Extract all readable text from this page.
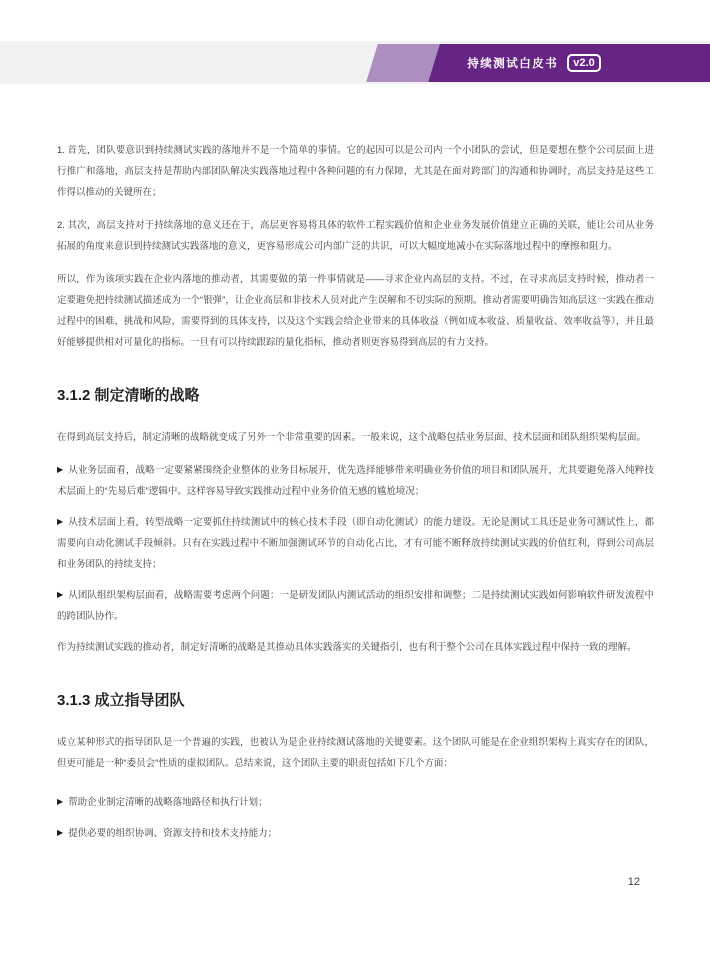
持续测试白皮书	v2.0

1. 首先，团队要意识到持续测试实践的落地并不是一个简单的事情。它的起因可以是公司内一个小团队的尝试，但是要想在整个公司层面上进行推广和落地，高层支持是帮助内部团队解决实践落地过程中各种问题的有力保障，尤其是在面对跨部门的沟通和协调时，高层支持是这些工作得以推动的关键所在；

2. 其次，高层支持对于持续落地的意义还在于，高层更容易将具体的软件工程实践价值和企业业务发展价值建立正确的关联，能让公司从业务拓展的角度来意识到持续测试实践落地的意义，更容易形成公司内部广泛的共识，可以大幅度地减小在实际落地过程中的摩擦和阻力。

所以，作为该项实践在企业内落地的推动者，其需要做的第一件事情就是——寻求企业内高层的支持。不过，在寻求高层支持时候，推动者一定要避免把持续测试描述成为一个“银弹”，让企业高层和非技术人员对此产生误解和不切实际的预期。推动者需要明确告知高层这一实践在推动过程中的困难、挑战和风险，需要得到的具体支持，以及这个实践会给企业带来的具体收益（例如成本收益、质量收益、效率收益等），并且最好能够提供相对可量化的指标。一旦有可以持续跟踪的量化指标，推动者则更容易得到高层的有力支持。

3.1.2 制定清晰的战略

在得到高层支持后，制定清晰的战略就变成了另外一个非常重要的因素。一般来说，这个战略包括业务层面、技术层面和团队组织架构层面。

▶ 从业务层面看，战略一定要紧紧围绕企业整体的业务目标展开，优先选择能够带来明确业务价值的项目和团队展开，尤其要避免落入纯粹技术层面上的“先易后难”逻辑中。这样容易导致实践推动过程中业务价值无感的尴尬境况；

▶ 从技术层面上看，转型战略一定要抓住持续测试中的核心技术手段（即自动化测试）的能力建设。无论是测试工具还是业务可测试性上，都需要向自动化测试手段倾斜。只有在实践过程中不断加强测试环节的自动化占比，才有可能不断释放持续测试实践的价值红利，得到公司高层和业务团队的持续支持；

▶ 从团队组织架构层面看，战略需要考虑两个问题：一是研发团队内测试活动的组织安排和调整；二是持续测试实践如何影响软件研发流程中的跨团队协作。

作为持续测试实践的推动者，制定好清晰的战略是其推动具体实践落实的关键指引，也有利于整个公司在具体实践过程中保持一致的理解。

3.1.3 成立指导团队

成立某种形式的指导团队是一个普遍的实践，也被认为是企业持续测试落地的关键要素。这个团队可能是在企业组织架构上真实存在的团队，但更可能是一种“委员会”性质的虚拟团队。总结来说，这个团队主要的职责包括如下几个方面：

▶ 帮助企业制定清晰的战略落地路径和执行计划；

▶ 提供必要的组织协调、资源支持和技术支持能力；

12
